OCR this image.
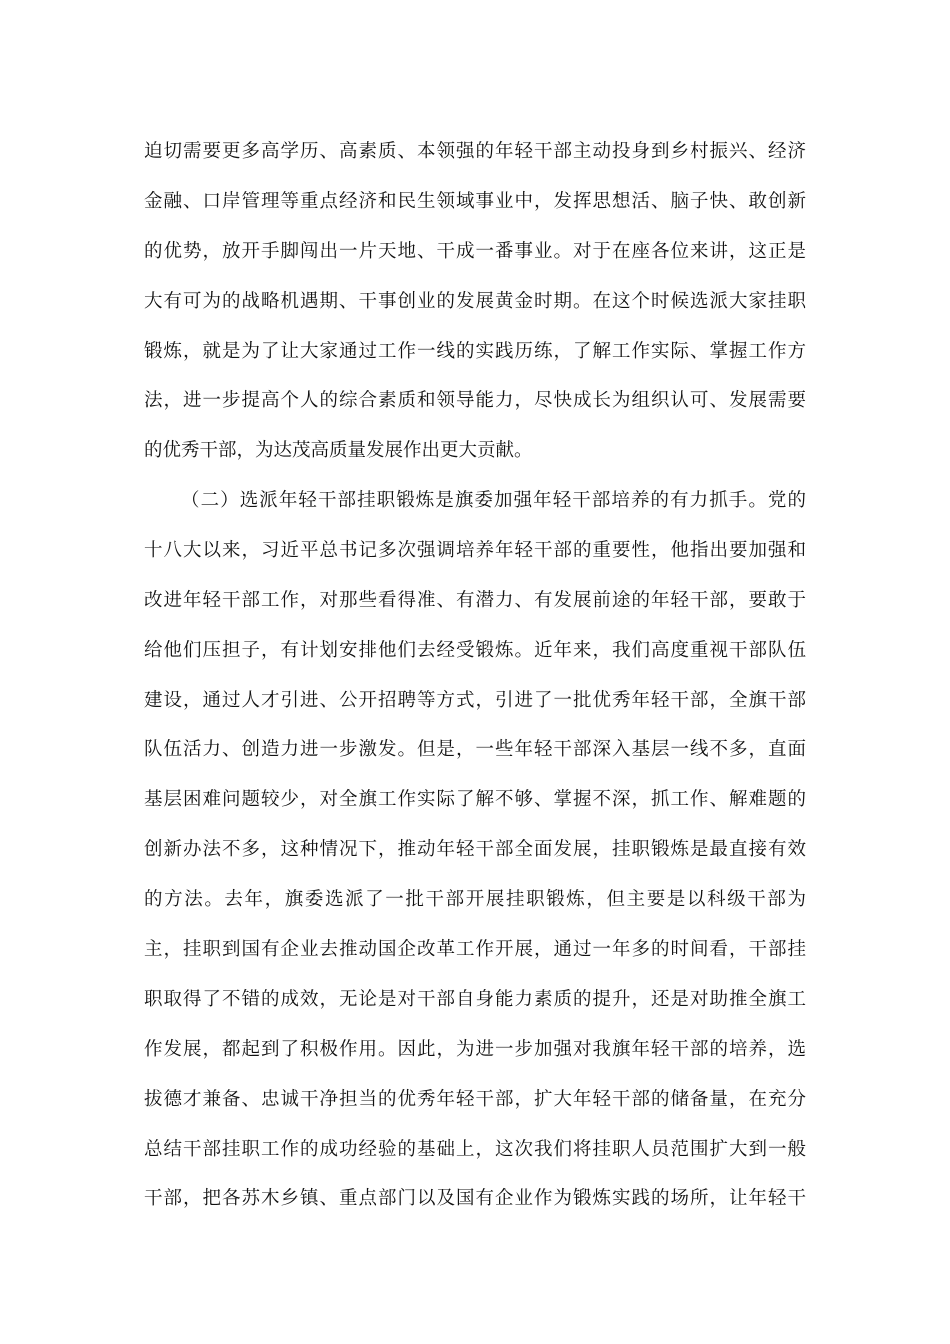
迫切需要更多高学历、高素质、本领强的年轻干部主动投身到乡村振兴、经济
金融、口岸管理等重点经济和民生领域事业中，发挥思想活、脑子快、敢创新
的优势，放开手脚闯出一片天地、干成一番事业。对于在座各位来讲，这正是
大有可为的战略机遇期、干事创业的发展黄金时期。在这个时候选派大家挂职
锻炼，就是为了让大家通过工作一线的实践历练，了解工作实际、掌握工作方
法，进一步提高个人的综合素质和领导能力，尽快成长为组织认可、发展需要
的优秀干部，为达茂高质量发展作出更大贡献。
（二）选派年轻干部挂职锻炼是旗委加强年轻干部培养的有力抓手。党的
十八大以来，习近平总书记多次强调培养年轻干部的重要性，他指出要加强和
改进年轻干部工作，对那些看得准、有潜力、有发展前途的年轻干部，要敢于
给他们压担子，有计划安排他们去经受锻炼。近年来，我们高度重视干部队伍
建设，通过人才引进、公开招聘等方式，引进了一批优秀年轻干部，全旗干部
队伍活力、创造力进一步激发。但是，一些年轻干部深入基层一线不多，直面
基层困难问题较少，对全旗工作实际了解不够、掌握不深，抓工作、解难题的
创新办法不多，这种情况下，推动年轻干部全面发展，挂职锻炼是最直接有效
的方法。去年，旗委选派了一批干部开展挂职锻炼，但主要是以科级干部为
主，挂职到国有企业去推动国企改革工作开展，通过一年多的时间看，干部挂
职取得了不错的成效，无论是对干部自身能力素质的提升，还是对助推全旗工
作发展，都起到了积极作用。因此，为进一步加强对我旗年轻干部的培养，选
拔德才兼备、忠诚干净担当的优秀年轻干部，扩大年轻干部的储备量，在充分
总结干部挂职工作的成功经验的基础上，这次我们将挂职人员范围扩大到一般
干部，把各苏木乡镇、重点部门以及国有企业作为锻炼实践的场所，让年轻干
